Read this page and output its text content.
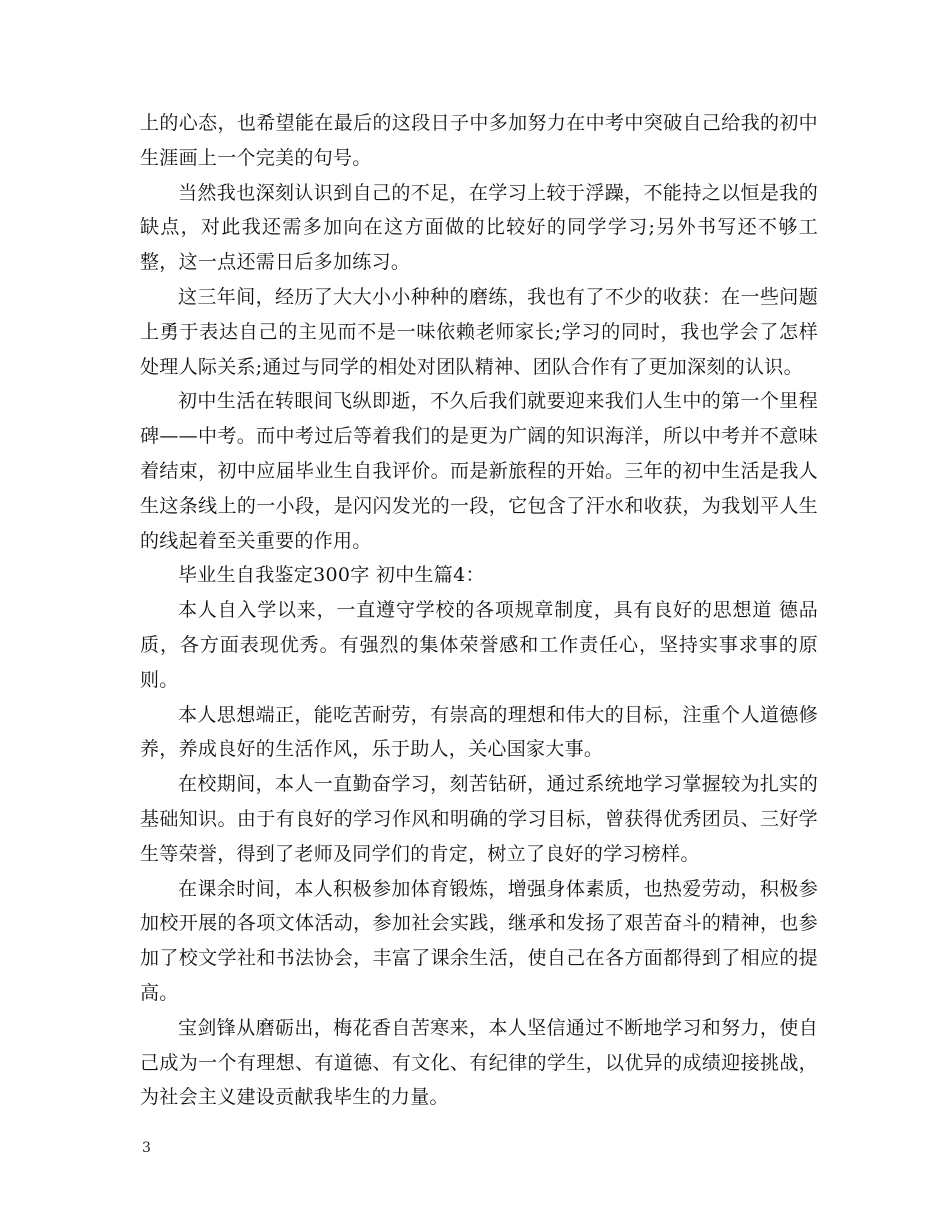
上的心态，也希望能在最后的这段日子中多加努力在中考中突破自己给我的初中生涯画上一个完美的句号。

当然我也深刻认识到自己的不足，在学习上较于浮躁，不能持之以恒是我的缺点，对此我还需多加向在这方面做的比较好的同学学习;另外书写还不够工整，这一点还需日后多加练习。

这三年间，经历了大大小小种种的磨练，我也有了不少的收获：在一些问题上勇于表达自己的主见而不是一味依赖老师家长;学习的同时，我也学会了怎样处理人际关系;通过与同学的相处对团队精神、团队合作有了更加深刻的认识。

初中生活在转眼间飞纵即逝，不久后我们就要迎来我们人生中的第一个里程碑——中考。而中考过后等着我们的是更为广阔的知识海洋，所以中考并不意味着结束，初中应届毕业生自我评价。而是新旅程的开始。三年的初中生活是我人生这条线上的一小段，是闪闪发光的一段，它包含了汗水和收获，为我划平人生的线起着至关重要的作用。

毕业生自我鉴定300字 初中生篇4：

本人自入学以来，一直遵守学校的各项规章制度，具有良好的思想道 德品质，各方面表现优秀。有强烈的集体荣誉感和工作责任心，坚持实事求事的原则。

本人思想端正，能吃苦耐劳，有崇高的理想和伟大的目标，注重个人道德修养，养成良好的生活作风，乐于助人，关心国家大事。

在校期间，本人一直勤奋学习，刻苦钻研，通过系统地学习掌握较为扎实的基础知识。由于有良好的学习作风和明确的学习目标，曾获得优秀团员、三好学生等荣誉，得到了老师及同学们的肯定，树立了良好的学习榜样。

在课余时间，本人积极参加体育锻炼，增强身体素质，也热爱劳动，积极参加校开展的各项文体活动，参加社会实践，继承和发扬了艰苦奋斗的精神，也参加了校文学社和书法协会，丰富了课余生活，使自己在各方面都得到了相应的提高。

宝剑锋从磨砺出，梅花香自苦寒来，本人坚信通过不断地学习和努力，使自己成为一个有理想、有道德、有文化、有纪律的学生，以优异的成绩迎接挑战，为社会主义建设贡献我毕生的力量。

3
